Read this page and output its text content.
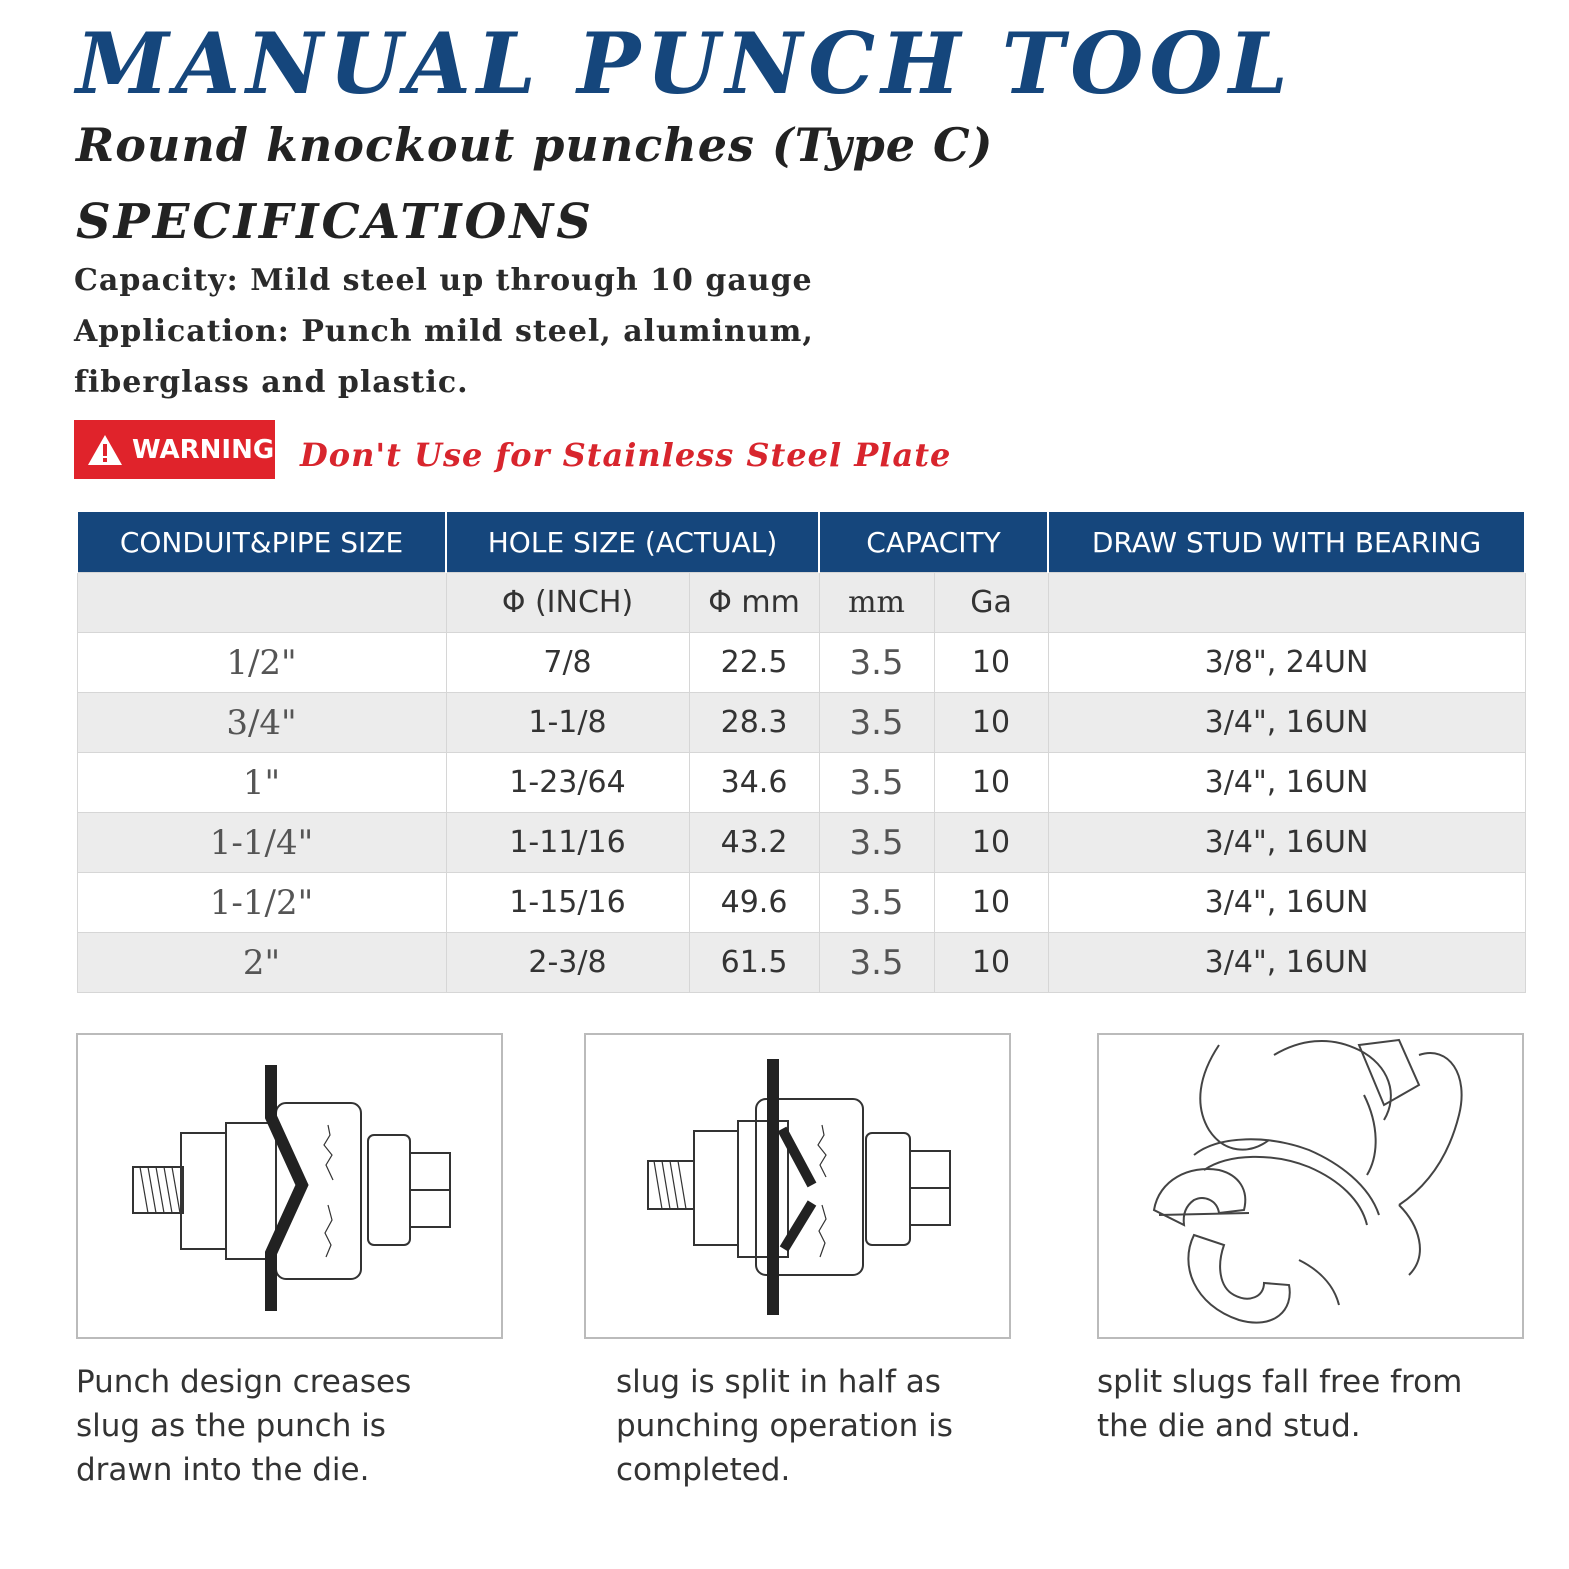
MANUAL PUNCH TOOL
Round knockout punches (Type C)
SPECIFICATIONS
Capacity: Mild steel up through 10 gauge
Application: Punch mild steel, aluminum,
fiberglass and plastic.
WARNING Don't Use for Stainless Steel Plate
CONDUIT&PIPE SIZE	HOLE SIZE (ACTUAL)		CAPACITY		DRAW STUD WITH BEARING
	Φ (INCH)	Φ mm	mm	Ga	
1/2"	7/8	22.5	3.5	10	3/8", 24UN
3/4"	1-1/8	28.3	3.5	10	3/4", 16UN
1"	1-23/64	34.6	3.5	10	3/4", 16UN
1-1/4"	1-11/16	43.2	3.5	10	3/4", 16UN
1-1/2"	1-15/16	49.6	3.5	10	3/4", 16UN
2"	2-3/8	61.5	3.5	10	3/4", 16UN
Punch design creases
slug as the punch is
drawn into the die.
slug is split in half as
punching operation is
completed.
split slugs fall free from
the die and stud.
